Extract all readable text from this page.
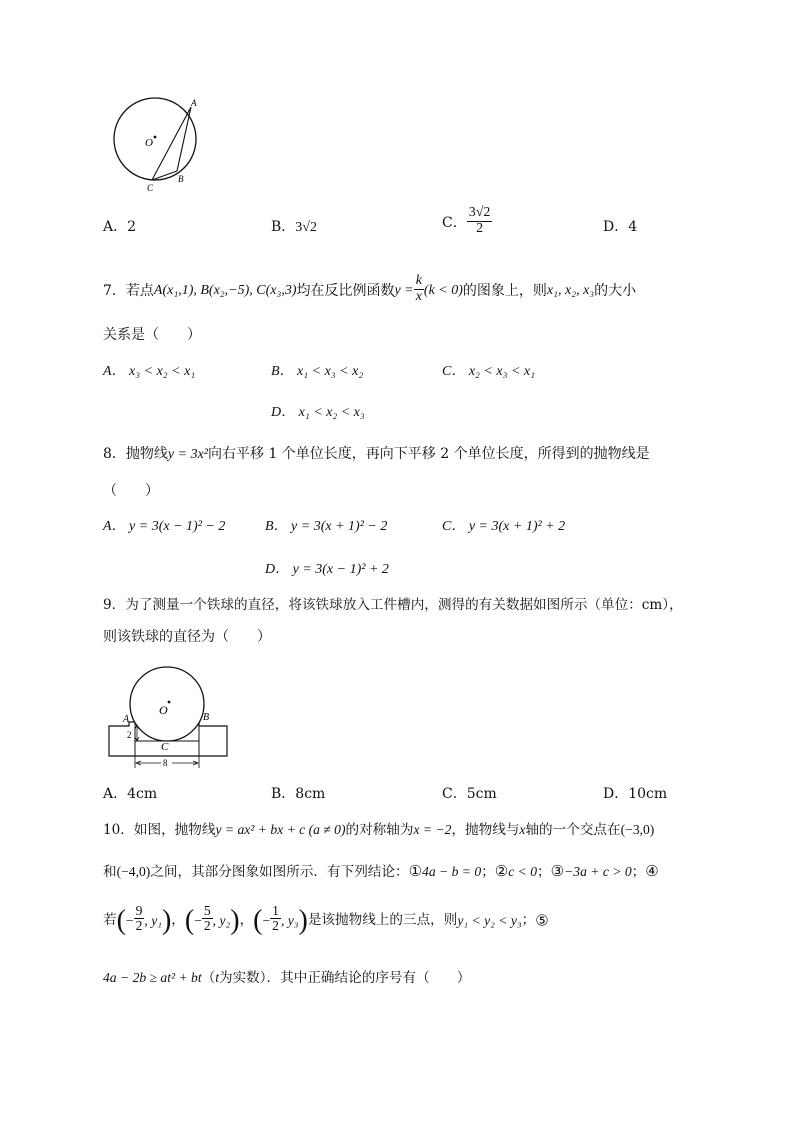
O
A
B
C
A．2	B．3√2	C． $\frac{3√2}{2}$	D．4
7．若点A(x₁,1), B(x₂,−5), C(x₃,3)均在反比例函数$y = \frac{k}{x} (k < 0)$的图象上，则x₁, x₂, x₃的大小
关系是（　　）
A． x₃ < x₂ < x₁	B． x₁ < x₃ < x₂	C． x₂ < x₃ < x₁
D． x₁ < x₂ < x₃
8．抛物线y = 3x²向右平移 1 个单位长度，再向下平移 2 个单位长度，所得到的抛物线是
（　　）
A． y = 3(x − 1)² − 2	B． y = 3(x + 1)² − 2	C． y = 3(x + 1)² + 2
D． y = 3(x − 1)² + 2
9．为了测量一个铁球的直径，将该铁球放入工件槽内，测得的有关数据如图所示（单位：cm），
则该铁球的直径为（　　）
O
A	B
C
2
8
A．4cm	B．8cm	C．5cm	D．10cm
10．如图，抛物线y = ax² + bx + c (a ≠ 0)的对称轴为x = −2，抛物线与x轴的一个交点在(−3,0)
和(−4,0)之间，其部分图象如图所示．有下列结论：①4a − b = 0；②c < 0；③−3a + c > 0；④
若(− $\frac{9}{2}$ , y₁)，(− $\frac{5}{2}$ , y₂)，(− $\frac{1}{2}$ , y₃)是该抛物线上的三点，则y₁ < y₂ < y₃；⑤
4a − 2b ≥ at² + bt（t为实数）．其中正确结论的序号有（　　）
